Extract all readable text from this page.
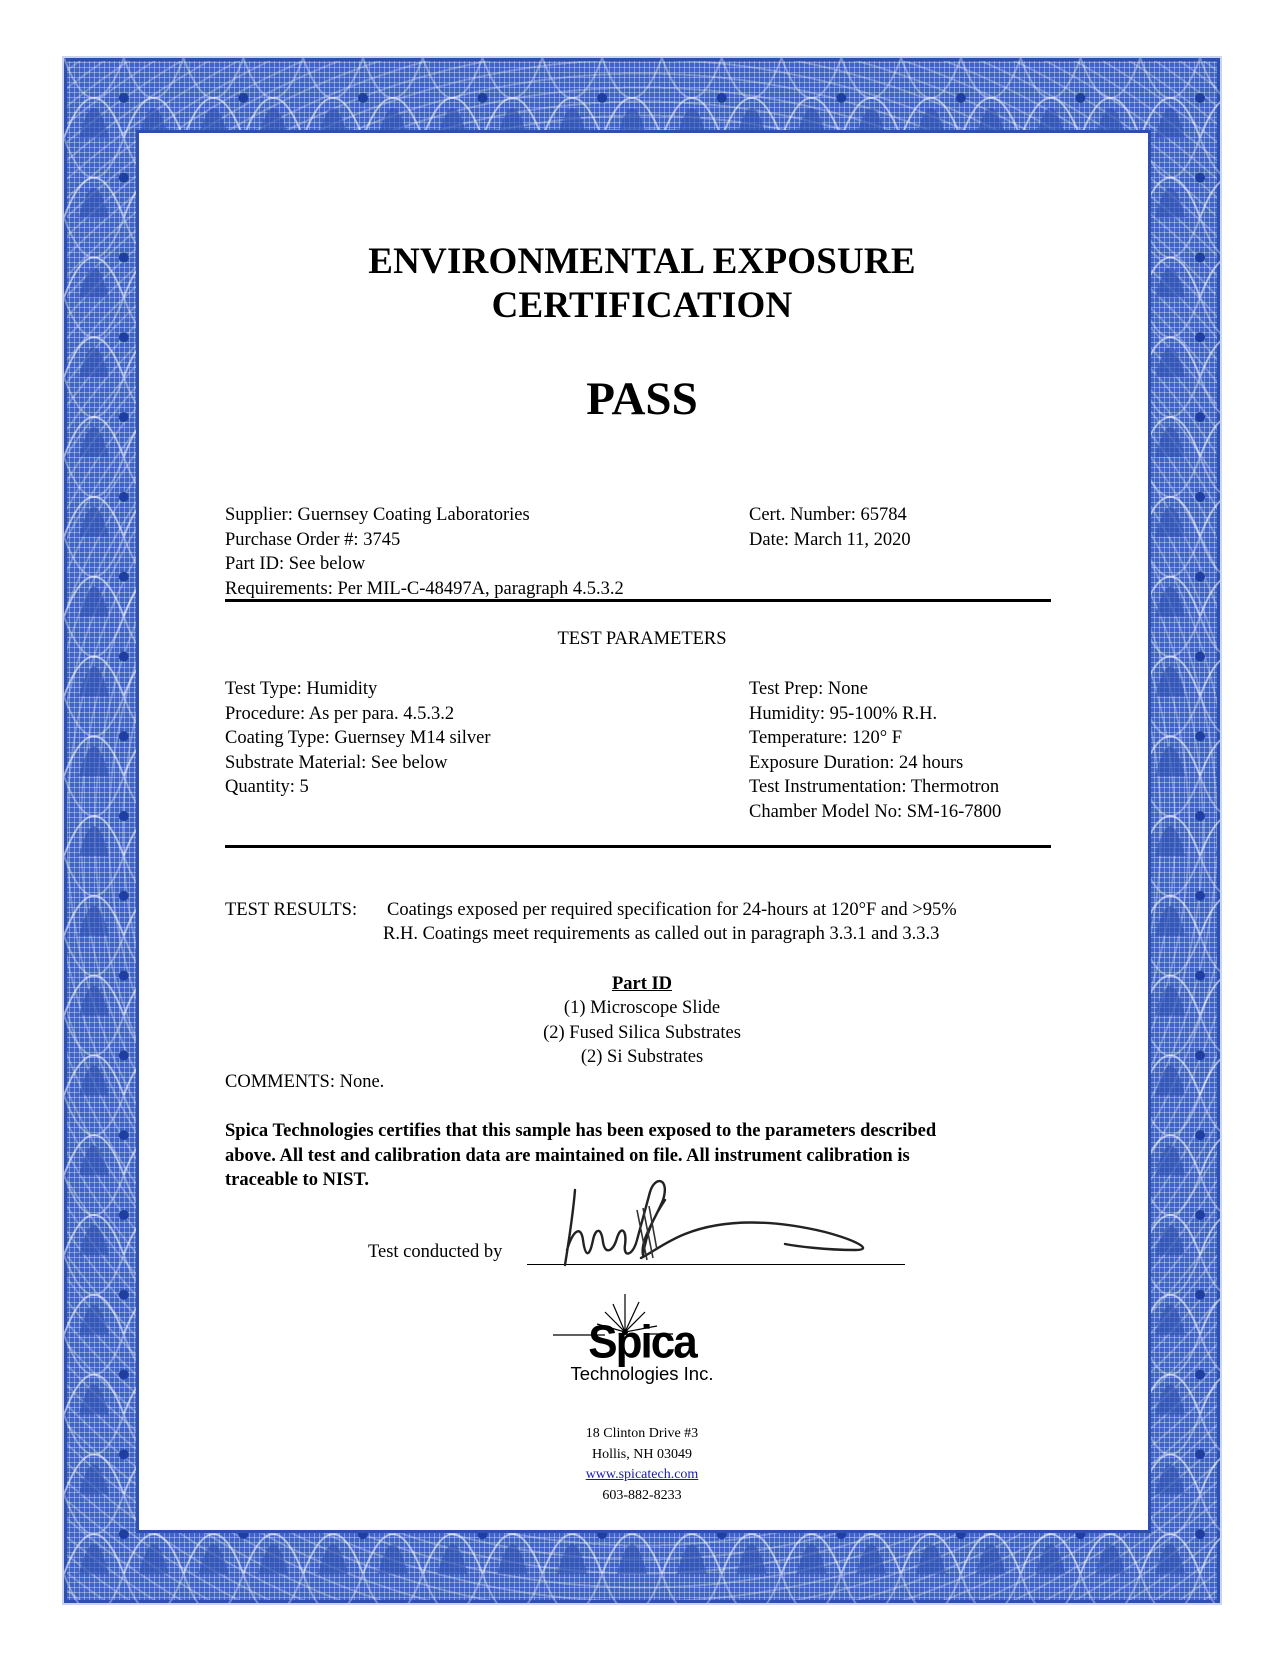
ENVIRONMENTAL EXPOSURE
CERTIFICATION
PASS
Supplier: Guernsey Coating Laboratories
Purchase Order #: 3745
Part ID: See below
Requirements: Per MIL-C-48497A, paragraph 4.5.3.2
Cert. Number: 65784
Date: March 11, 2020
TEST PARAMETERS
Test Type: Humidity
Procedure: As per para. 4.5.3.2
Coating Type: Guernsey M14 silver
Substrate Material: See below
Quantity: 5
Test Prep: None
Humidity: 95-100% R.H.
Temperature: 120° F
Exposure Duration: 24 hours
Test Instrumentation: Thermotron
Chamber Model No: SM-16-7800
TEST RESULTS: Coatings exposed per required specification for 24-hours at 120°F and >95%
R.H. Coatings meet requirements as called out in paragraph 3.3.1 and 3.3.3
Part ID
(1) Microscope Slide
(2) Fused Silica Substrates
(2) Si Substrates
COMMENTS: None.
Spica Technologies certifies that this sample has been exposed to the parameters described
above. All test and calibration data are maintained on file. All instrument calibration is
traceable to NIST.
Test conducted by
Spica
Technologies Inc.
18 Clinton Drive #3
Hollis, NH 03049
www.spicatech.com
603-882-8233
